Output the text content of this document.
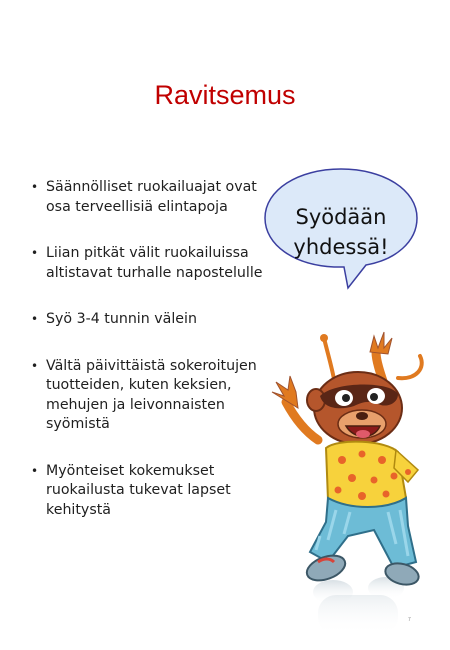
Ravitsemus
• Säännölliset ruokailuajat ovat osa terveellisiä elintapoja
• Liian pitkät välit ruokailuissa altistavat turhalle napostelulle
• Syö 3-4 tunnin välein
• Vältä päivittäistä sokeroitujen tuotteiden, kuten keksien, mehujen ja leivonnaisten syömistä
• Myönteiset kokemukset ruokailusta tukevat lapset kehitystä
Syödään
yhdessä!
7
